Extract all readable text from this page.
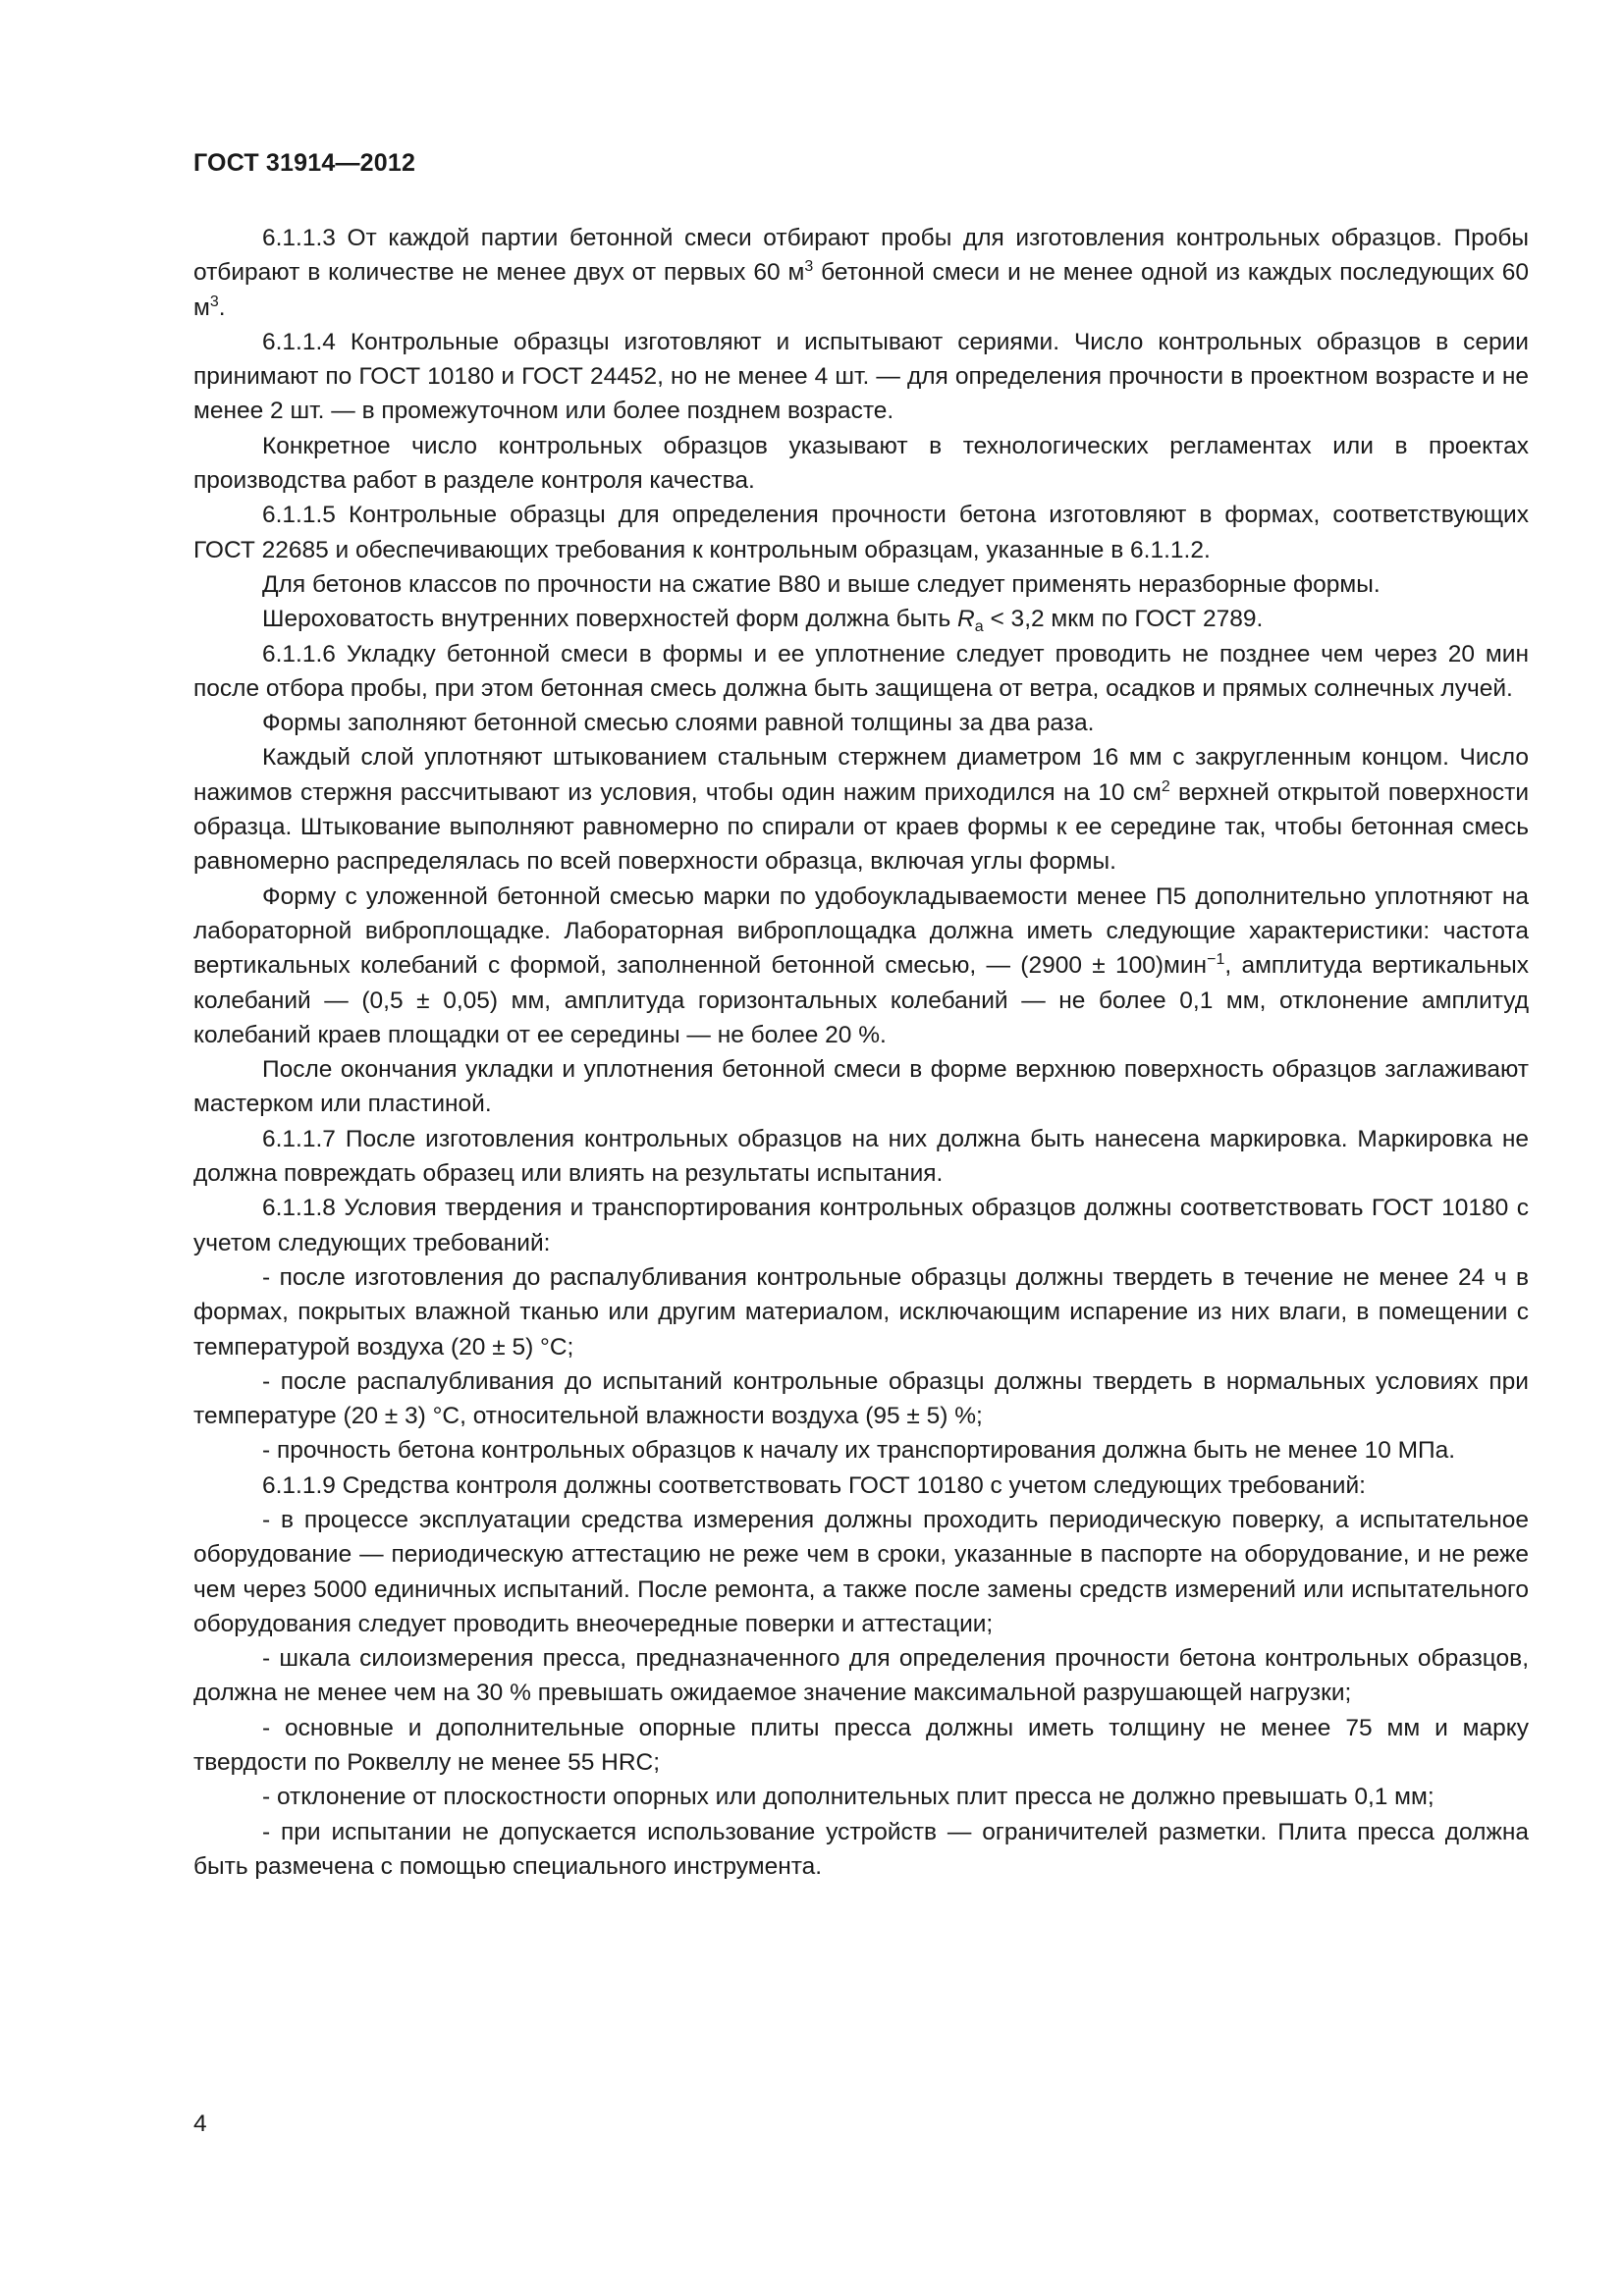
ГОСТ 31914—2012

6.1.1.3 От каждой партии бетонной смеси отбирают пробы для изготовления контрольных образцов. Пробы отбирают в количестве не менее двух от первых 60 $м^3$ бетонной смеси и не менее одной из каждых последующих 60 $м^3$.

6.1.1.4 Контрольные образцы изготовляют и испытывают сериями. Число контрольных образцов в серии принимают по ГОСТ 10180 и ГОСТ 24452, но не менее 4 шт. — для определения прочности в проектном возрасте и не менее 2 шт. — в промежуточном или более позднем возрасте.

Конкретное число контрольных образцов указывают в технологических регламентах или в проектах производства работ в разделе контроля качества.

6.1.1.5 Контрольные образцы для определения прочности бетона изготовляют в формах, соответствующих ГОСТ 22685 и обеспечивающих требования к контрольным образцам, указанные в 6.1.1.2.

Для бетонов классов по прочности на сжатие В80 и выше следует применять неразборные формы.

Шероховатость внутренних поверхностей форм должна быть $R_a < 3,2$ мкм по ГОСТ 2789.

6.1.1.6 Укладку бетонной смеси в формы и ее уплотнение следует проводить не позднее чем через 20 мин после отбора пробы, при этом бетонная смесь должна быть защищена от ветра, осадков и прямых солнечных лучей.

Формы заполняют бетонной смесью слоями равной толщины за два раза.

Каждый слой уплотняют штыкованием стальным стержнем диаметром 16 мм с закругленным концом. Число нажимов стержня рассчитывают из условия, чтобы один нажим приходился на 10 $см^2$ верхней открытой поверхности образца. Штыкование выполняют равномерно по спирали от краев формы к ее середине так, чтобы бетонная смесь равномерно распределялась по всей поверхности образца, включая углы формы.

Форму с уложенной бетонной смесью марки по удобоукладываемости менее П5 дополнительно уплотняют на лабораторной виброплощадке. Лабораторная виброплощадка должна иметь следующие характеристики: частота вертикальных колебаний с формой, заполненной бетонной смесью, — (2900 ± 100)мин$^{-1}$, амплитуда вертикальных колебаний — (0,5 ± 0,05) мм, амплитуда горизонтальных колебаний — не более 0,1 мм, отклонение амплитуд колебаний краев площадки от ее середины — не более 20 %.

После окончания укладки и уплотнения бетонной смеси в форме верхнюю поверхность образцов заглаживают мастерком или пластиной.

6.1.1.7 После изготовления контрольных образцов на них должна быть нанесена маркировка. Маркировка не должна повреждать образец или влиять на результаты испытания.

6.1.1.8 Условия твердения и транспортирования контрольных образцов должны соответствовать ГОСТ 10180 с учетом следующих требований:

- после изготовления до распалубливания контрольные образцы должны твердеть в течение не менее 24 ч в формах, покрытых влажной тканью или другим материалом, исключающим испарение из них влаги, в помещении с температурой воздуха (20 ± 5) °С;

- после распалубливания до испытаний контрольные образцы должны твердеть в нормальных условиях при температуре (20 ± 3) °С, относительной влажности воздуха (95 ± 5) %;

- прочность бетона контрольных образцов к началу их транспортирования должна быть не менее 10 МПа.

6.1.1.9 Средства контроля должны соответствовать ГОСТ 10180 с учетом следующих требований:

- в процессе эксплуатации средства измерения должны проходить периодическую поверку, а испытательное оборудование — периодическую аттестацию не реже чем в сроки, указанные в паспорте на оборудование, и не реже чем через 5000 единичных испытаний. После ремонта, а также после замены средств измерений или испытательного оборудования следует проводить внеочередные поверки и аттестации;

- шкала силоизмерения пресса, предназначенного для определения прочности бетона контрольных образцов, должна не менее чем на 30 % превышать ожидаемое значение максимальной разрушающей нагрузки;

- основные и дополнительные опорные плиты пресса должны иметь толщину не менее 75 мм и марку твердости по Роквеллу не менее 55 HRC;

- отклонение от плоскостности опорных или дополнительных плит пресса не должно превышать 0,1 мм;

- при испытании не допускается использование устройств — ограничителей разметки. Плита пресса должна быть размечена с помощью специального инструмента.

4
